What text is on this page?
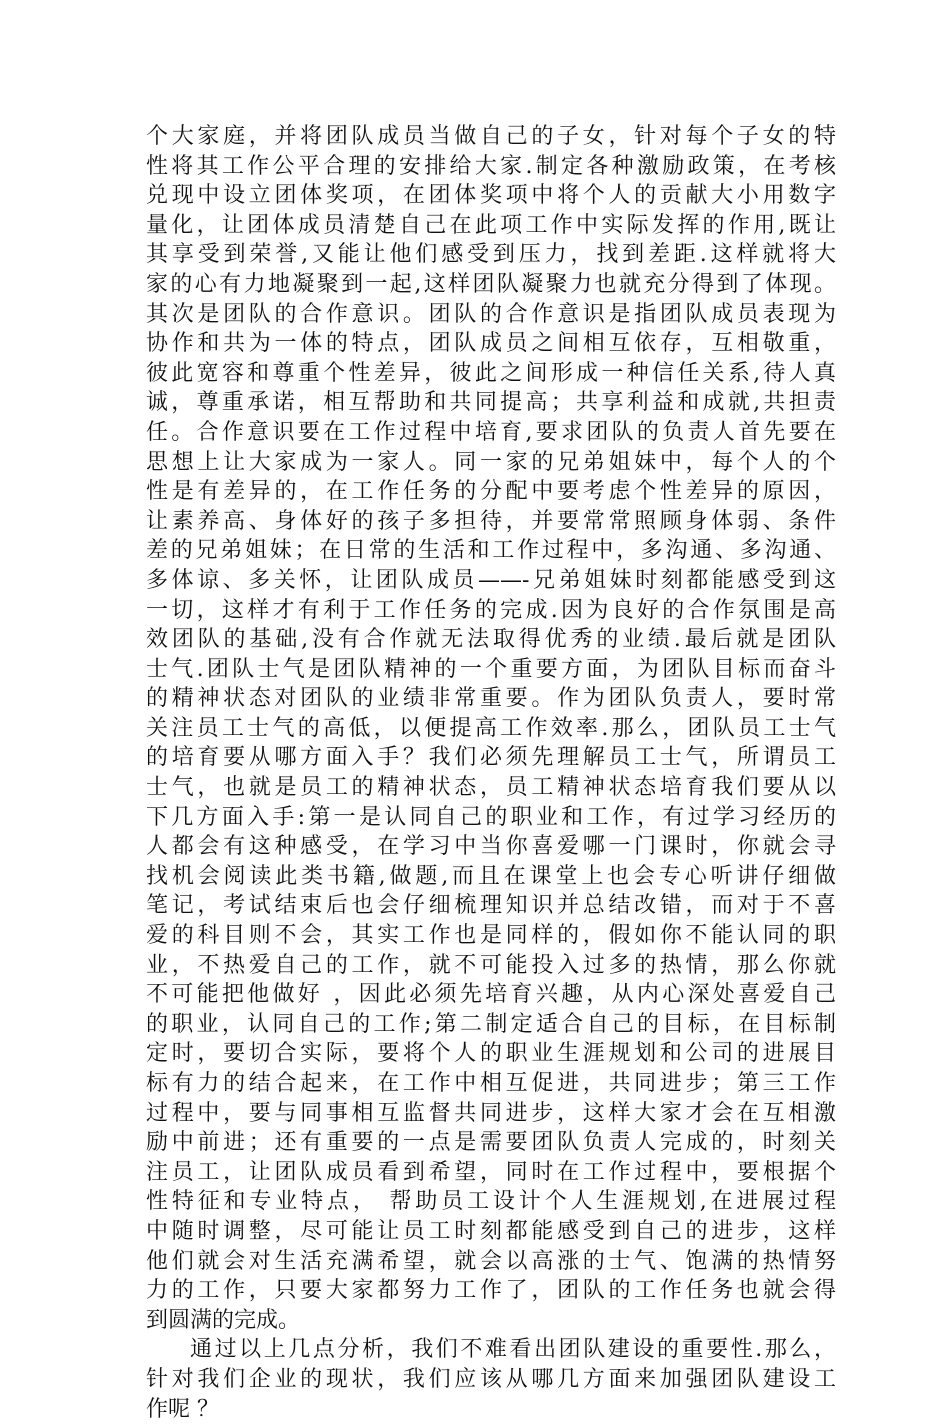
个大家庭，并将团队成员当做自己的子女，针对每个子女的特
性将其工作公平合理的安排给大家.制定各种激励政策，在考核
兑现中设立团体奖项，在团体奖项中将个人的贡献大小用数字
量化，让团体成员清楚自己在此项工作中实际发挥的作用,既让
其享受到荣誉,又能让他们感受到压力，找到差距.这样就将大
家的心有力地凝聚到一起,这样团队凝聚力也就充分得到了体现。
其次是团队的合作意识。团队的合作意识是指团队成员表现为
协作和共为一体的特点，团队成员之间相互依存，互相敬重，
彼此宽容和尊重个性差异，彼此之间形成一种信任关系,待人真
诚，尊重承诺，相互帮助和共同提高；共享利益和成就,共担责
任。合作意识要在工作过程中培育,要求团队的负责人首先要在
思想上让大家成为一家人。同一家的兄弟姐妹中，每个人的个
性是有差异的，在工作任务的分配中要考虑个性差异的原因，
让素养高、身体好的孩子多担待，并要常常照顾身体弱、条件
差的兄弟姐妹；在日常的生活和工作过程中，多沟通、多沟通、
多体谅、多关怀，让团队成员——-兄弟姐妹时刻都能感受到这
一切，这样才有利于工作任务的完成.因为良好的合作氛围是高
效团队的基础,没有合作就无法取得优秀的业绩.最后就是团队
士气.团队士气是团队精神的一个重要方面，为团队目标而奋斗
的精神状态对团队的业绩非常重要。作为团队负责人，要时常
关注员工士气的高低，以便提高工作效率.那么，团队员工士气
的培育要从哪方面入手？我们必须先理解员工士气，所谓员工
士气，也就是员工的精神状态，员工精神状态培育我们要从以
下几方面入手:第一是认同自己的职业和工作，有过学习经历的
人都会有这种感受，在学习中当你喜爱哪一门课时，你就会寻
找机会阅读此类书籍,做题,而且在课堂上也会专心听讲仔细做
笔记，考试结束后也会仔细梳理知识并总结改错，而对于不喜
爱的科目则不会，其实工作也是同样的，假如你不能认同的职
业，不热爱自己的工作，就不可能投入过多的热情，那么你就
不可能把他做好 ，因此必须先培育兴趣，从内心深处喜爱自己
的职业，认同自己的工作;第二制定适合自己的目标，在目标制
定时，要切合实际，要将个人的职业生涯规划和公司的进展目
标有力的结合起来，在工作中相互促进，共同进步；第三工作
过程中，要与同事相互监督共同进步，这样大家才会在互相激
励中前进；还有重要的一点是需要团队负责人完成的，时刻关
注员工，让团队成员看到希望，同时在工作过程中，要根据个
性特征和专业特点， 帮助员工设计个人生涯规划,在进展过程
中随时调整，尽可能让员工时刻都能感受到自己的进步，这样
他们就会对生活充满希望，就会以高涨的士气、饱满的热情努
力的工作，只要大家都努力工作了，团队的工作任务也就会得
到圆满的完成。
通过以上几点分析，我们不难看出团队建设的重要性.那么，
针对我们企业的现状，我们应该从哪几方面来加强团队建设工
作呢 ？
